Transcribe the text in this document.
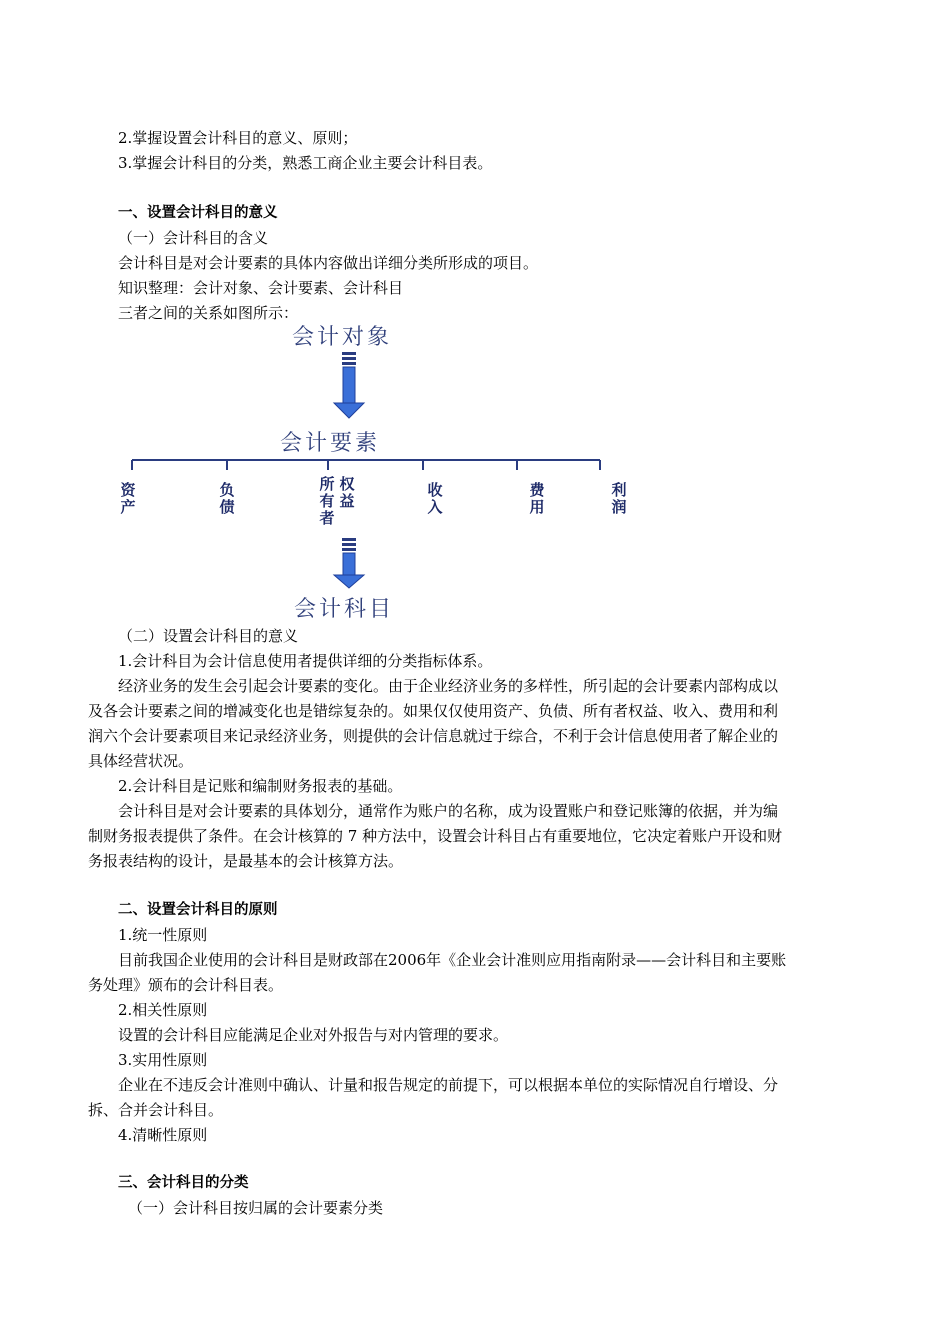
2.掌握设置会计科目的意义、原则；
3.掌握会计科目的分类，熟悉工商企业主要会计科目表。
一、设置会计科目的意义
（一）会计科目的含义
会计科目是对会计要素的具体内容做出详细分类所形成的项目。
知识整理：会计对象、会计要素、会计科目
三者之间的关系如图所示：
会计对象
会计要素
资产
负债
所有者
权益
收入
费用
利润
会计科目
（二）设置会计科目的意义
1.会计科目为会计信息使用者提供详细的分类指标体系。
经济业务的发生会引起会计要素的变化。由于企业经济业务的多样性，所引起的会计要素内部构成以
及各会计要素之间的增减变化也是错综复杂的。如果仅仅使用资产、负债、所有者权益、收入、费用和利
润六个会计要素项目来记录经济业务，则提供的会计信息就过于综合，不利于会计信息使用者了解企业的
具体经营状况。
2.会计科目是记账和编制财务报表的基础。
会计科目是对会计要素的具体划分，通常作为账户的名称，成为设置账户和登记账簿的依据，并为编
制财务报表提供了条件。在会计核算的 7 种方法中，设置会计科目占有重要地位，它决定着账户开设和财
务报表结构的设计，是最基本的会计核算方法。
二、设置会计科目的原则
1.统一性原则
目前我国企业使用的会计科目是财政部在2006年《企业会计准则应用指南附录——会计科目和主要账
务处理》颁布的会计科目表。
2.相关性原则
设置的会计科目应能满足企业对外报告与对内管理的要求。
3.实用性原则
企业在不违反会计准则中确认、计量和报告规定的前提下，可以根据本单位的实际情况自行增设、分
拆、合并会计科目。
4.清晰性原则
三、会计科目的分类
（一）会计科目按归属的会计要素分类
